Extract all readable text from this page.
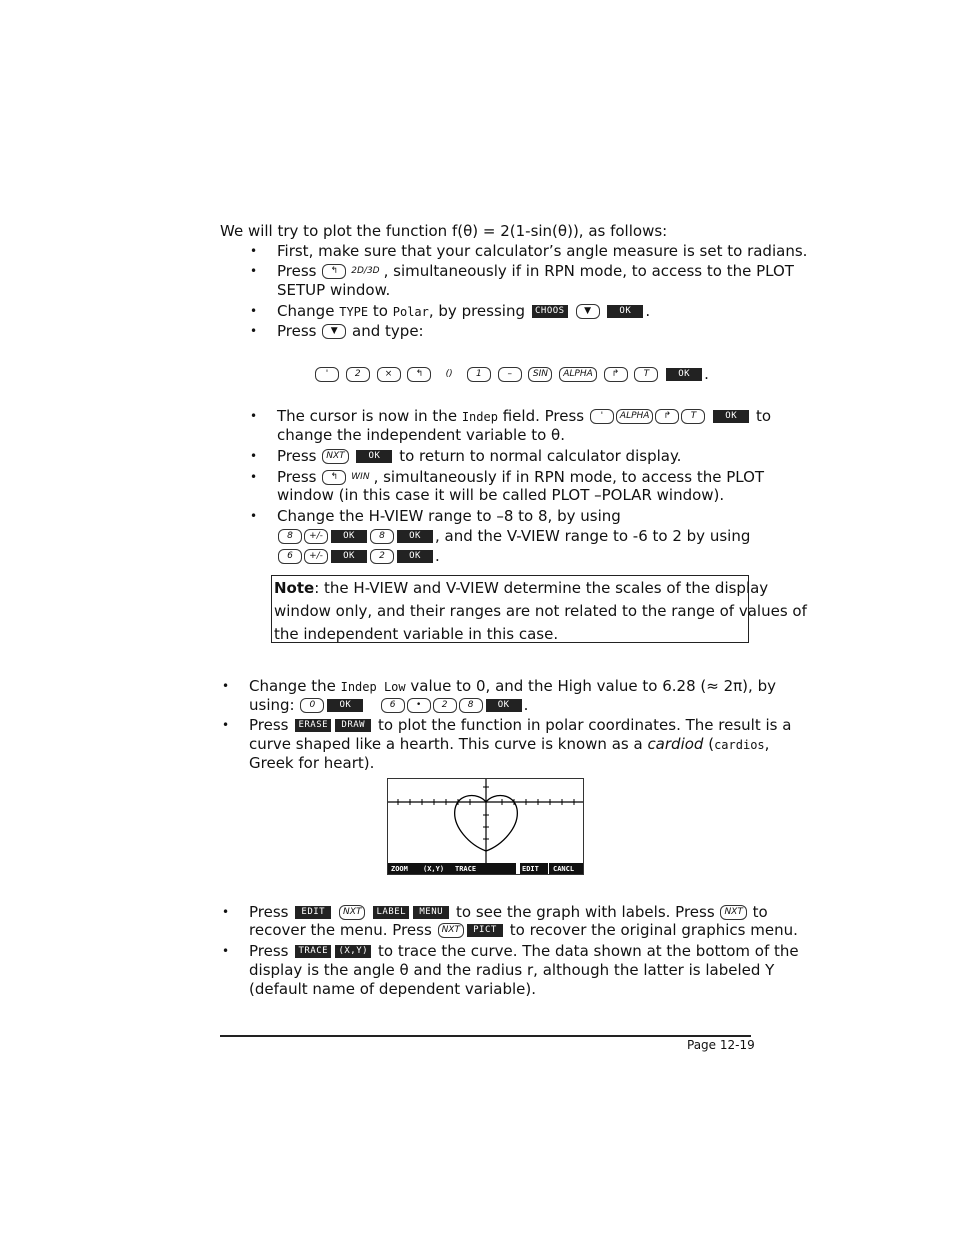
We will try to plot the function f(θ) = 2(1-sin(θ)), as follows:
• First, make sure that your calculator’s angle measure is set to radians.
• Press ↰ 2D/3D , simultaneously if in RPN mode, to access to the PLOT
SETUP window.
• Change TYPE to Polar, by pressing CHOOS ▼	OK .
• Press ▼ and type:
'	2	×	↰	()	1	– SIN ALPHA ↱	T	OK .
• The cursor is now in the Indep field. Press ' ALPHA ↱ T	OK to
change the independent variable to θ.
• Press NXT	OK to return to normal calculator display.
• Press ↰ WIN , simultaneously if in RPN mode, to access the PLOT
window (in this case it will be called PLOT –POLAR window).
• Change the H-VIEW range to –8 to 8, by using
8 +/- OK	8	OK , and the V-VIEW range to -6 to 2 by using
6 +/- OK	2	OK .
Note: the H-VIEW and V-VIEW determine the scales of the display
window only, and their ranges are not related to the range of values of
the independent variable in this case.
• Change the Indep Low value to 0, and the High value to 6.28 (≈ 2π), by
using: 0	OK	6 • 2 8	OK .
• Press ERASE DRAW to plot the function in polar coordinates. The result is a
curve shaped like a hearth. This curve is known as a cardiod (cardios,
Greek for heart).
ZOOM (X,Y) TRACE	EDIT CANCL
• Press EDIT NXT LABEL MENU to see the graph with labels. Press NXT to
recover the menu. Press NXT PICT to recover the original graphics menu.
• Press TRACE (X,Y) to trace the curve. The data shown at the bottom of the
display is the angle θ and the radius r, although the latter is labeled Y
(default name of dependent variable).
Page 12-19
